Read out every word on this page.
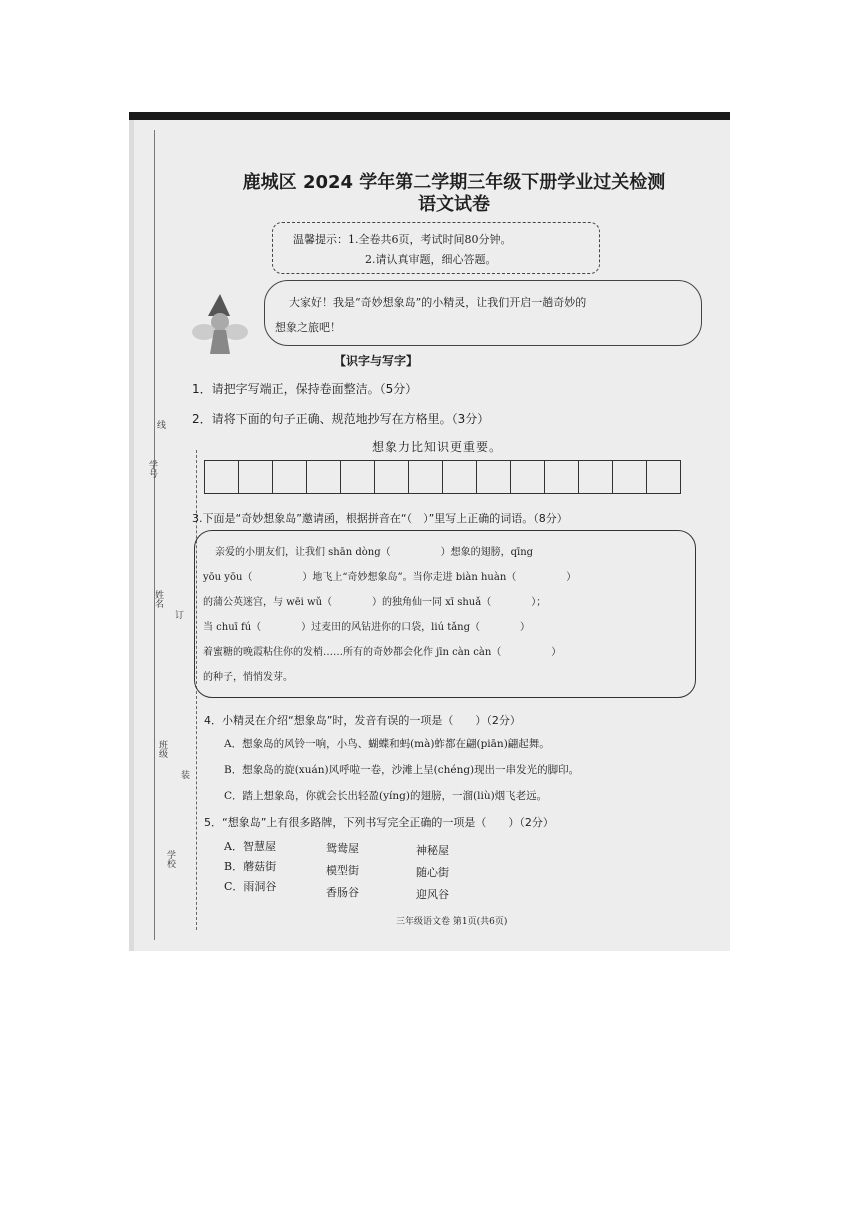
学号
线
姓名
订
班级
装
学校
鹿城区 2024 学年第二学期三年级下册学业过关检测
语文试卷
温馨提示：1.全卷共6页，考试时间80分钟。
2.请认真审题，细心答题。
大家好！我是“奇妙想象岛”的小精灵，让我们开启一趟奇妙的
想象之旅吧！
【识字与写字】
1．请把字写端正，保持卷面整洁。（5分）
2．请将下面的句子正确、规范地抄写在方格里。（3分）
想象力比知识更重要。
3.下面是“奇妙想象岛”邀请函，根据拼音在“（　）”里写上正确的词语。（8分）
亲爱的小朋友们，让我们 shān dòng（　　　　　）想象的翅膀，qīng
yōu yōu（　　　　　）地飞上“奇妙想象岛”。当你走进 biàn huàn（　　　　　）
的蒲公英迷宫，与 wēi wǔ（　　　　）的独角仙一同 xī shuǎ（　　　　）；
当 chuī fú（　　　　）过麦田的风钻进你的口袋，liú tǎng（　　　　）
着蜜糖的晚霞粘住你的发梢……所有的奇妙都会化作 jīn càn càn（　　　　　）
的种子，悄悄发芽。
4．小精灵在介绍“想象岛”时，发音有误的一项是（　　）（2分）
A．想象岛的风铃一响，小鸟、蝴蝶和蚂(mà)蚱都在翩(piān)翩起舞。
B．想象岛的旋(xuán)风呼啦一卷，沙滩上呈(chéng)现出一串发光的脚印。
C．踏上想象岛，你就会长出轻盈(yíng)的翅膀，一溜(liù)烟飞老远。
5．“想象岛”上有很多路牌，下列书写完全正确的一项是（　　）（2分）
A．智慧屋	鸳鸯屋	神秘屋
B．蘑菇街	模型街	随心街
C．雨洞谷	香肠谷	迎风谷
三年级语文卷 第1页(共6页)
